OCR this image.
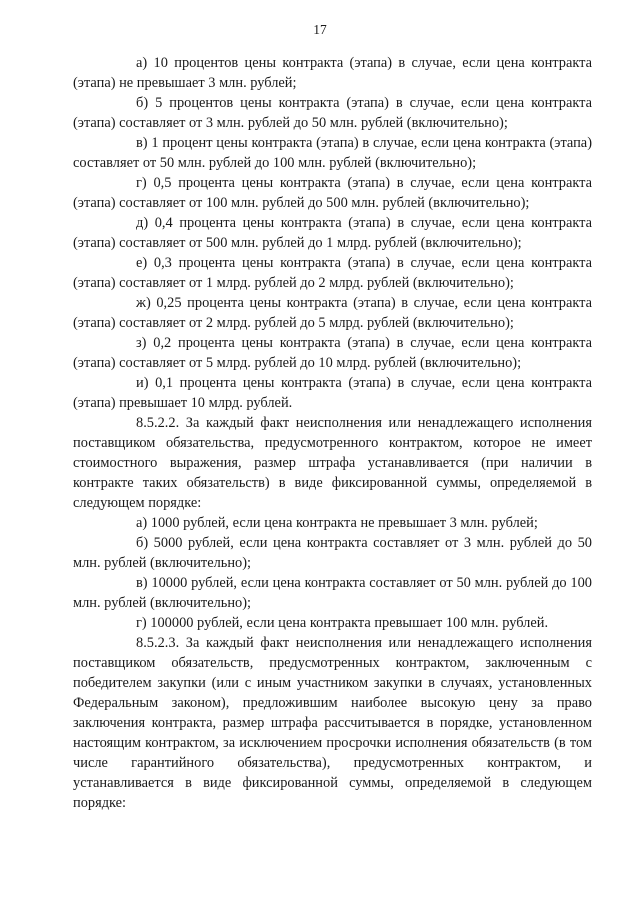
17

а) 10 процентов цены контракта (этапа) в случае, если цена контракта (этапа) не превышает 3 млн. рублей;

б) 5 процентов цены контракта (этапа) в случае, если цена контракта (этапа) составляет от 3 млн. рублей до 50 млн. рублей (включительно);

в) 1 процент цены контракта (этапа) в случае, если цена контракта (этапа) составляет от 50 млн. рублей до 100 млн. рублей (включительно);

г) 0,5 процента цены контракта (этапа) в случае, если цена контракта (этапа) составляет от 100 млн. рублей до 500 млн. рублей (включительно);

д) 0,4 процента цены контракта (этапа) в случае, если цена контракта (этапа) составляет от 500 млн. рублей до 1 млрд. рублей (включительно);

е) 0,3 процента цены контракта (этапа) в случае, если цена контракта (этапа) составляет от 1 млрд. рублей до 2 млрд. рублей (включительно);

ж) 0,25 процента цены контракта (этапа) в случае, если цена контракта (этапа) составляет от 2 млрд. рублей до 5 млрд. рублей (включительно);

з) 0,2 процента цены контракта (этапа) в случае, если цена контракта (этапа) составляет от 5 млрд. рублей до 10 млрд. рублей (включительно);

и) 0,1 процента цены контракта (этапа) в случае, если цена контракта (этапа) превышает 10 млрд. рублей.

8.5.2.2. За каждый факт неисполнения или ненадлежащего исполнения поставщиком обязательства, предусмотренного контрактом, которое не имеет стоимостного выражения, размер штрафа устанавливается (при наличии в контракте таких обязательств) в виде фиксированной суммы, определяемой в следующем порядке:

а) 1000 рублей, если цена контракта не превышает 3 млн. рублей;

б) 5000 рублей, если цена контракта составляет от 3 млн. рублей до 50 млн. рублей (включительно);

в) 10000 рублей, если цена контракта составляет от 50 млн. рублей до 100 млн. рублей (включительно);

г) 100000 рублей, если цена контракта превышает 100 млн. рублей.

8.5.2.3. За каждый факт неисполнения или ненадлежащего исполнения поставщиком обязательств, предусмотренных контрактом, заключенным с победителем закупки (или с иным участником закупки в случаях, установленных Федеральным законом), предложившим наиболее высокую цену за право заключения контракта, размер штрафа рассчитывается в порядке, установленном настоящим контрактом, за исключением просрочки исполнения обязательств (в том числе гарантийного обязательства), предусмотренных контрактом, и устанавливается в виде фиксированной суммы, определяемой в следующем порядке:
